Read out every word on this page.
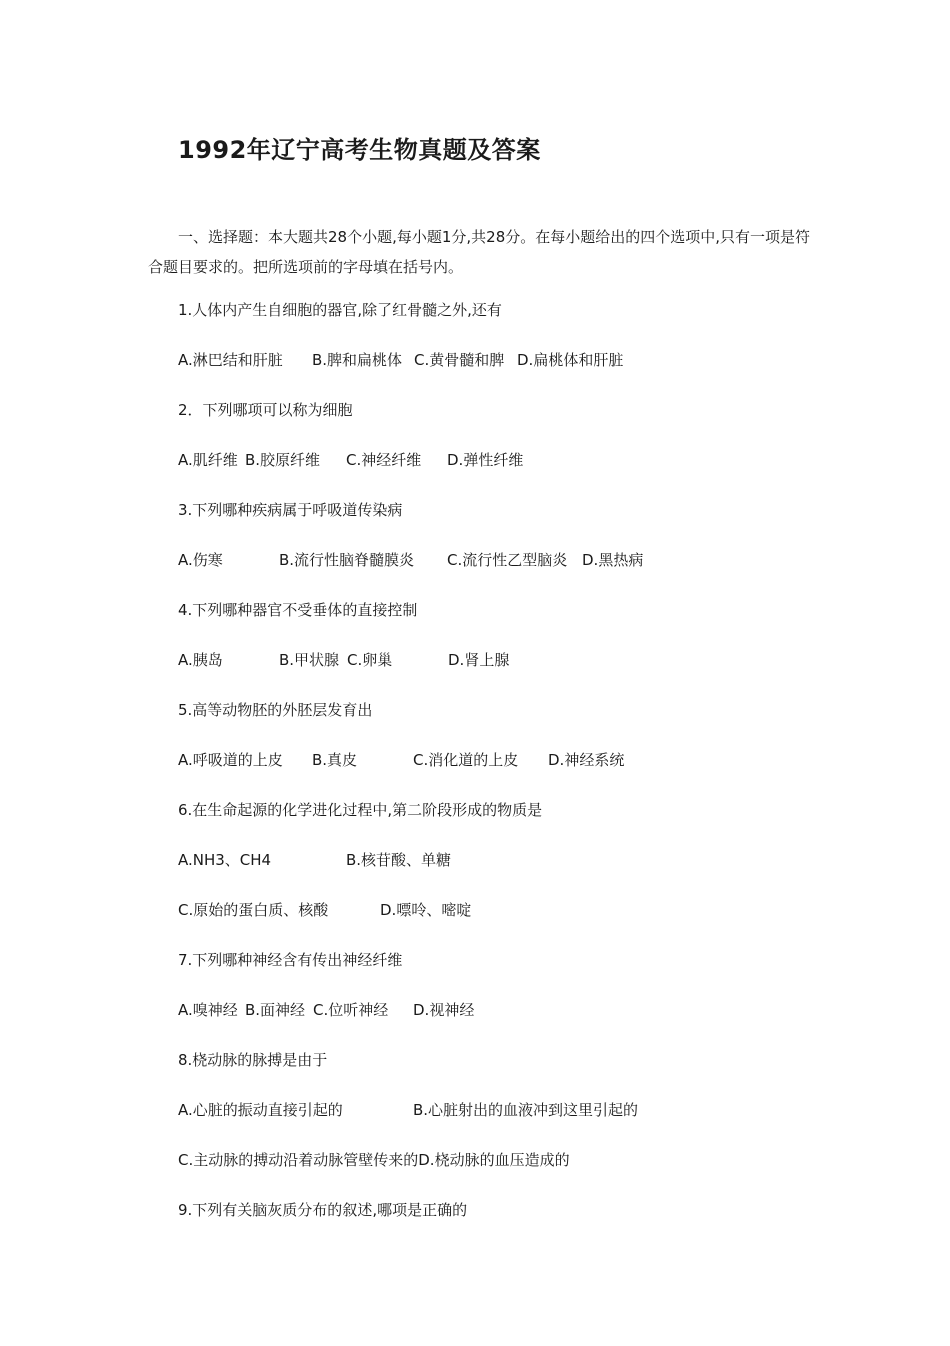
1992年辽宁高考生物真题及答案
一、选择题：本大题共28个小题,每小题1分,共28分。在每小题给出的四个选项中,只有一项是符合题目要求的。把所选项前的字母填在括号内。
1.人体内产生自细胞的器官,除了红骨髓之外,还有
A.淋巴结和肝脏 B.脾和扁桃体 C.黄骨髓和脾 D.扁桃体和肝脏
2．下列哪项可以称为细胞
A.肌纤维 B.胶原纤维 C.神经纤维 D.弹性纤维
3.下列哪种疾病属于呼吸道传染病
A.伤寒	B.流行性脑脊髓膜炎 C.流行性乙型脑炎 D.黑热病
4.下列哪种器官不受垂体的直接控制
A.胰岛	B.甲状腺 C.卵巢	D.肾上腺
5.高等动物胚的外胚层发育出
A.呼吸道的上皮 B.真皮	C.消化道的上皮 D.神经系统
6.在生命起源的化学进化过程中,第二阶段形成的物质是
A.NH3、CH4	B.核苷酸、单糖
C.原始的蛋白质、核酸	D.嘌呤、嘧啶
7.下列哪种神经含有传出神经纤维
A.嗅神经 B.面神经 C.位听神经 D.视神经
8.桡动脉的脉搏是由于
A.心脏的振动直接引起的	B.心脏射出的血液冲到这里引起的
C.主动脉的搏动沿着动脉管壁传来的D.桡动脉的血压造成的
9.下列有关脑灰质分布的叙述,哪项是正确的
